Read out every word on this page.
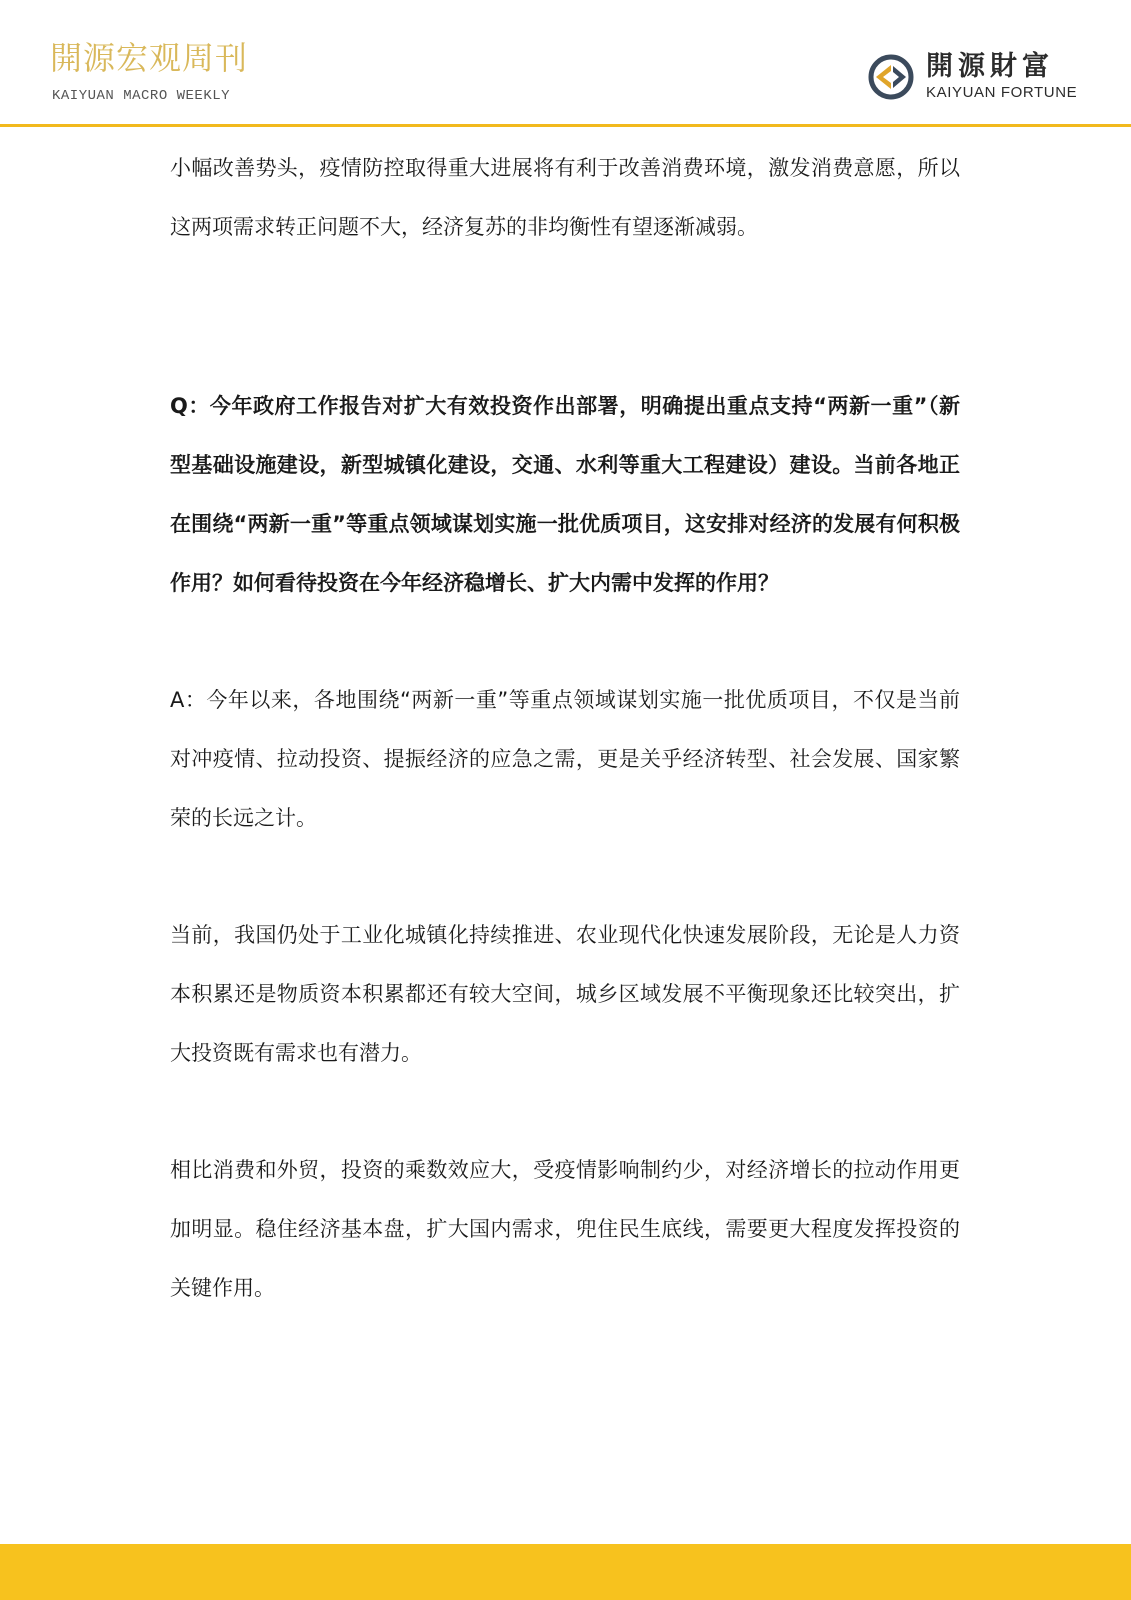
開源宏观周刊
KAIYUAN MACRO WEEKLY
開源財富
KAIYUAN FORTUNE

小幅改善势头，疫情防控取得重大进展将有利于改善消费环境，激发消费意愿，所以这两项需求转正问题不大，经济复苏的非均衡性有望逐渐减弱。

Q：今年政府工作报告对扩大有效投资作出部署，明确提出重点支持“两新一重”（新型基础设施建设，新型城镇化建设，交通、水利等重大工程建设）建设。当前各地正在围绕“两新一重”等重点领域谋划实施一批优质项目，这安排对经济的发展有何积极作用？如何看待投资在今年经济稳增长、扩大内需中发挥的作用？

A：今年以来，各地围绕“两新一重”等重点领域谋划实施一批优质项目，不仅是当前对冲疫情、拉动投资、提振经济的应急之需，更是关乎经济转型、社会发展、国家繁荣的长远之计。

当前，我国仍处于工业化城镇化持续推进、农业现代化快速发展阶段，无论是人力资本积累还是物质资本积累都还有较大空间，城乡区域发展不平衡现象还比较突出，扩大投资既有需求也有潜力。

相比消费和外贸，投资的乘数效应大，受疫情影响制约少，对经济增长的拉动作用更加明显。稳住经济基本盘，扩大国内需求，兜住民生底线，需要更大程度发挥投资的关键作用。
